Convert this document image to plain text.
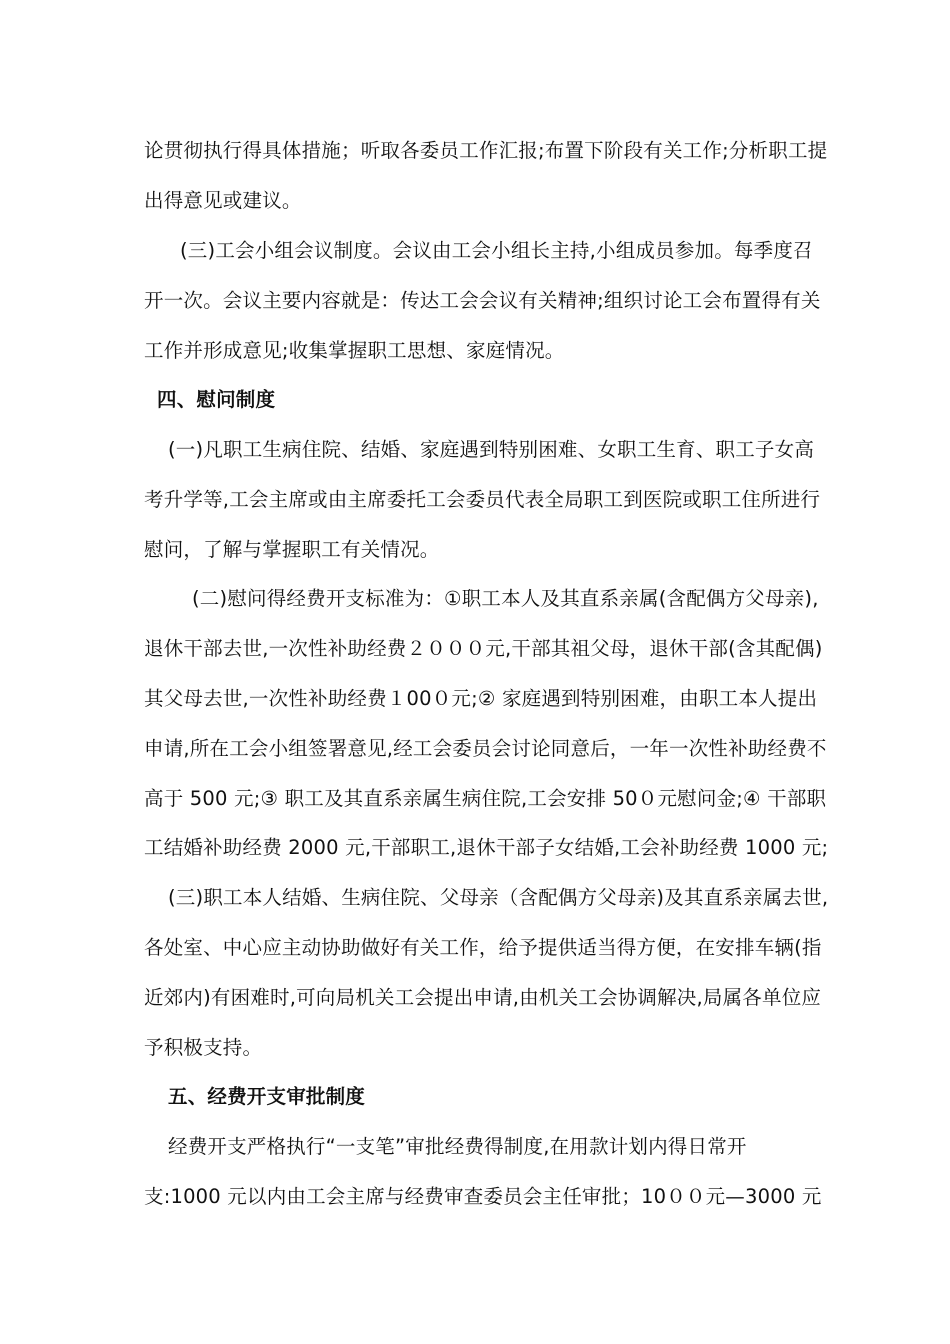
论贯彻执行得具体措施；听取各委员工作汇报;布置下阶段有关工作;分析职工提
出得意见或建议。
(三)工会小组会议制度。会议由工会小组长主持,小组成员参加。每季度召
开一次。会议主要内容就是：传达工会会议有关精神;组织讨论工会布置得有关
工作并形成意见;收集掌握职工思想、家庭情况。
四、慰问制度
(一)凡职工生病住院、结婚、家庭遇到特别困难、女职工生育、职工子女高
考升学等,工会主席或由主席委托工会委员代表全局职工到医院或职工住所进行
慰问，了解与掌握职工有关情况。
(二)慰问得经费开支标准为：①职工本人及其直系亲属(含配偶方父母亲),
退休干部去世,一次性补助经费２０００元,干部其祖父母，退休干部(含其配偶)
其父母去世,一次性补助经费１00０元;② 家庭遇到特别困难，由职工本人提出
申请,所在工会小组签署意见,经工会委员会讨论同意后，一年一次性补助经费不
高于 500 元;③ 职工及其直系亲属生病住院,工会安排 50０元慰问金;④ 干部职
工结婚补助经费 2000 元,干部职工,退休干部子女结婚,工会补助经费 1000 元;
(三)职工本人结婚、生病住院、父母亲（含配偶方父母亲)及其直系亲属去世,
各处室、中心应主动协助做好有关工作，给予提供适当得方便，在安排车辆(指
近郊内)有困难时,可向局机关工会提出申请,由机关工会协调解决,局属各单位应
予积极支持。
五、经费开支审批制度
经费开支严格执行“一支笔”审批经费得制度,在用款计划内得日常开
支:1000 元以内由工会主席与经费审查委员会主任审批；10００元—3000 元
